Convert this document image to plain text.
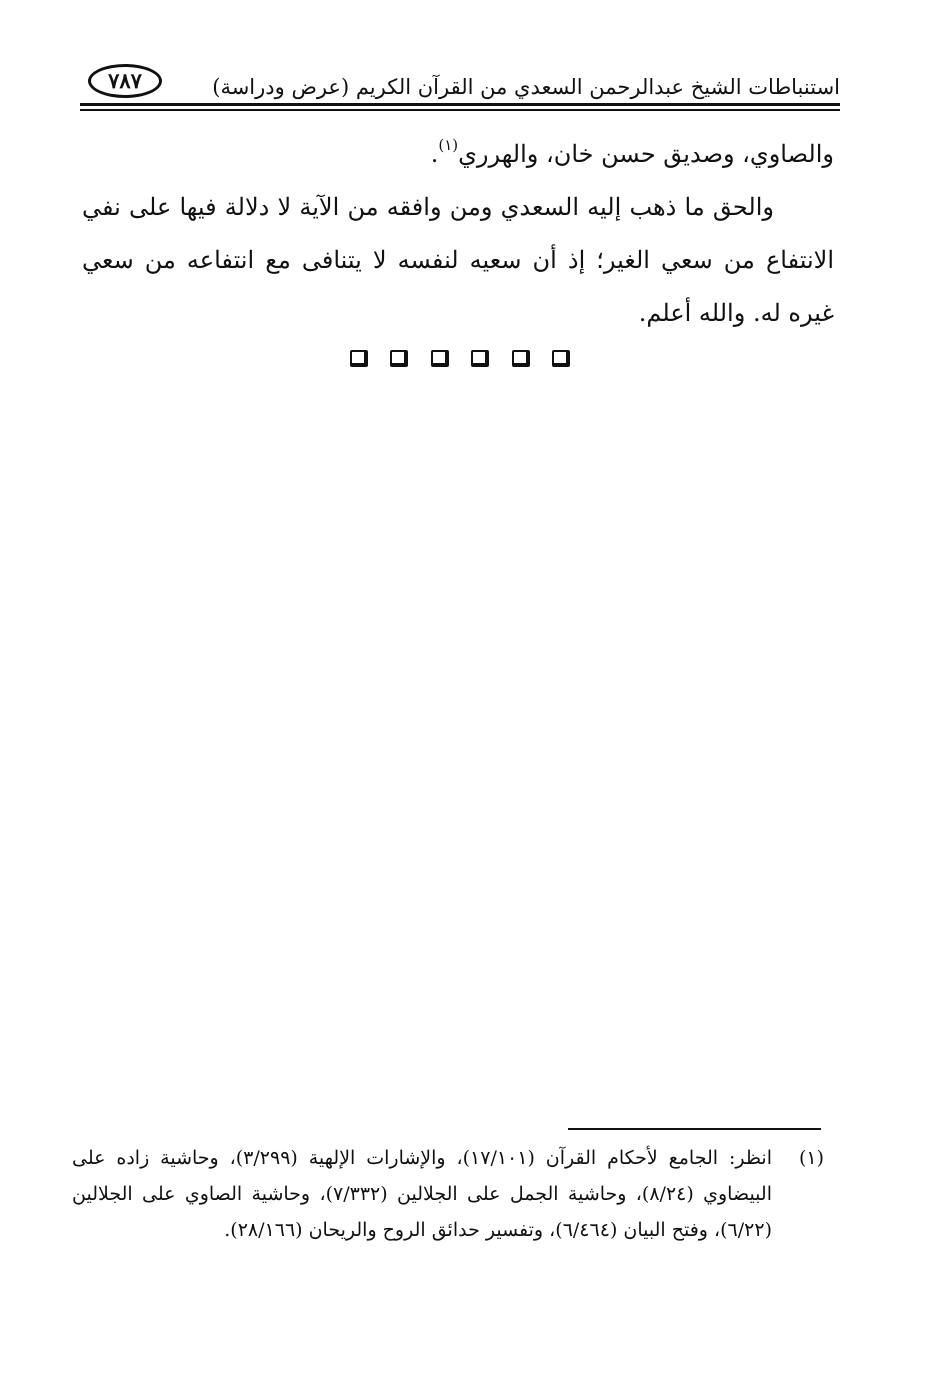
٧٨٧	استنباطات الشيخ عبدالرحمن السعدي من القرآن الكريم (عرض ودراسة)

والصاوي، وصديق حسن خان، والهرري$^{(١)}$.

والحق ما ذهب إليه السعدي ومن وافقه من الآية لا دلالة فيها على نفي الانتفاع من سعي الغير؛ إذ أن سعيه لنفسه لا يتنافى مع انتفاعه من سعي غيره له. والله أعلم.

(١)
انظر: الجامع لأحكام القرآن (١٧/١٠١)، والإشارات الإلهية (٣/٢٩٩)، وحاشية زاده على البيضاوي (٨/٢٤)، وحاشية الجمل على الجلالين (٧/٣٣٢)، وحاشية الصاوي على الجلالين (٦/٢٢)، وفتح البيان (٦/٤٦٤)، وتفسير حدائق الروح والريحان (٢٨/١٦٦).
